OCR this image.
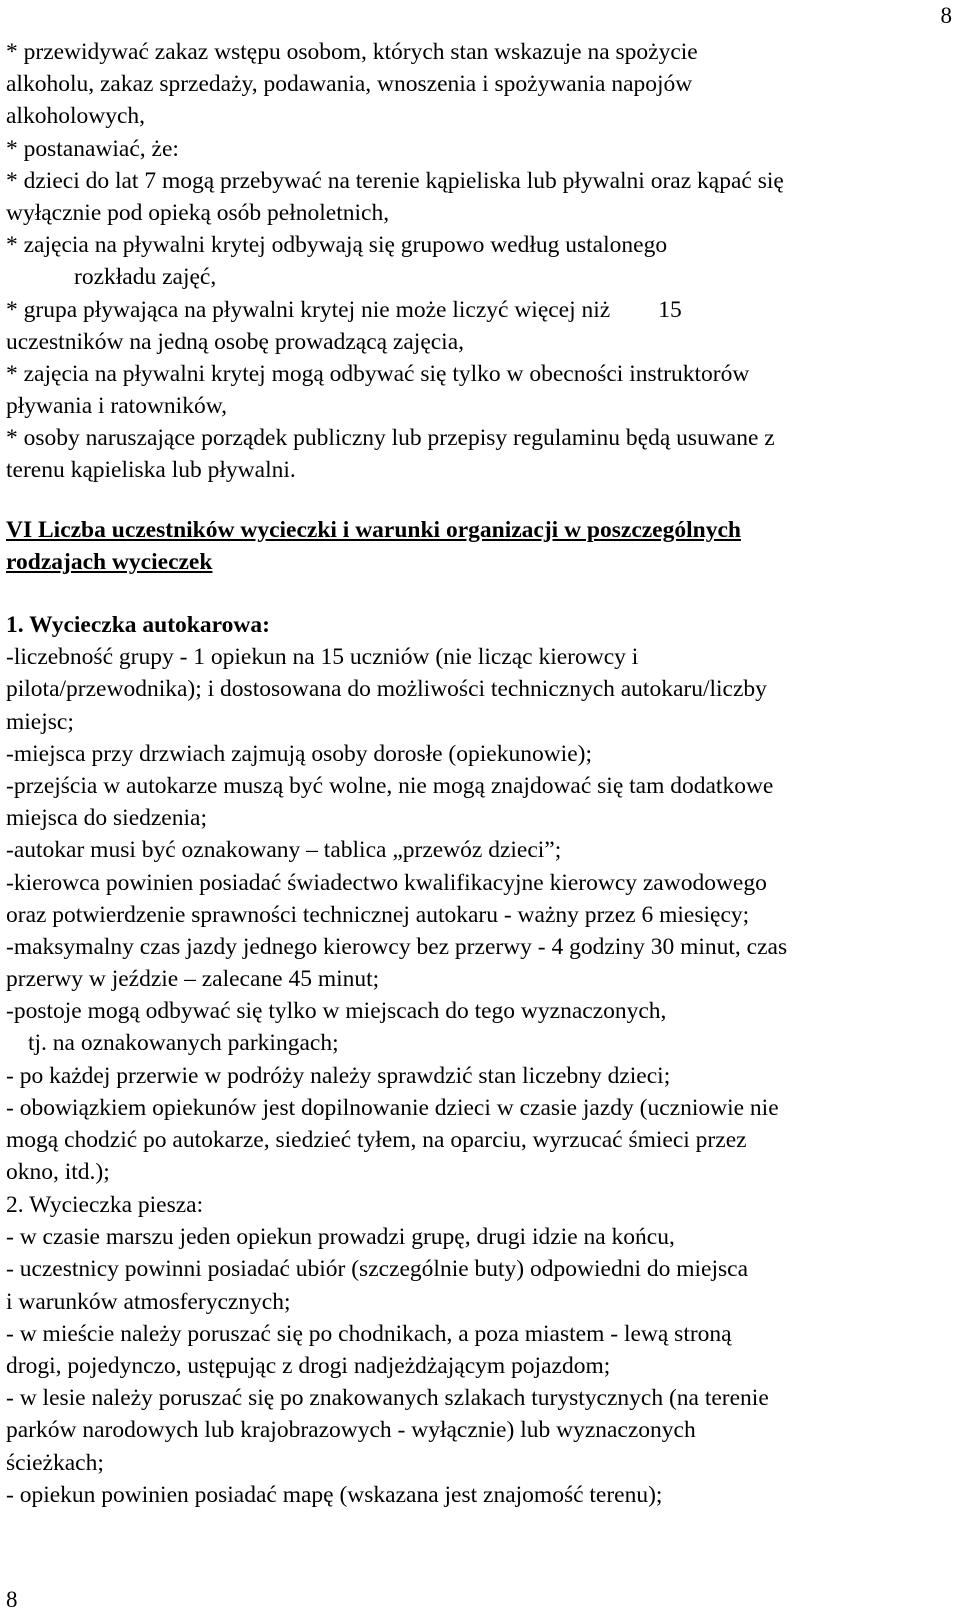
8
* przewidywać zakaz wstępu osobom, których stan wskazuje na spożycie
alkoholu, zakaz sprzedaży, podawania, wnoszenia i spożywania napojów
alkoholowych,
* postanawiać, że:
* dzieci do lat 7 mogą przebywać na terenie kąpieliska lub pływalni oraz kąpać się
wyłącznie pod opieką osób pełnoletnich,
* zajęcia na pływalni krytej odbywają się grupowo według ustalonego
rozkładu zajęć,
* grupa pływająca na pływalni krytej nie może liczyć więcej niż 15
uczestników na jedną osobę prowadzącą zajęcia,
* zajęcia na pływalni krytej mogą odbywać się tylko w obecności instruktorów
pływania i ratowników,
* osoby naruszające porządek publiczny lub przepisy regulaminu będą usuwane z
terenu kąpieliska lub pływalni.
VI Liczba uczestników wycieczki i warunki organizacji w poszczególnych
rodzajach wycieczek
1. Wycieczka autokarowa:
-liczebność grupy - 1 opiekun na 15 uczniów (nie licząc kierowcy i
pilota/przewodnika); i dostosowana do możliwości technicznych autokaru/liczby
miejsc;
-miejsca przy drzwiach zajmują osoby dorosłe (opiekunowie);
-przejścia w autokarze muszą być wolne, nie mogą znajdować się tam dodatkowe
miejsca do siedzenia;
-autokar musi być oznakowany – tablica „przewóz dzieci”;
-kierowca powinien posiadać świadectwo kwalifikacyjne kierowcy zawodowego
oraz potwierdzenie sprawności technicznej autokaru - ważny przez 6 miesięcy;
-maksymalny czas jazdy jednego kierowcy bez przerwy - 4 godziny 30 minut, czas
przerwy w jeździe – zalecane 45 minut;
-postoje mogą odbywać się tylko w miejscach do tego wyznaczonych,
tj. na oznakowanych parkingach;
- po każdej przerwie w podróży należy sprawdzić stan liczebny dzieci;
- obowiązkiem opiekunów jest dopilnowanie dzieci w czasie jazdy (uczniowie nie
mogą chodzić po autokarze, siedzieć tyłem, na oparciu, wyrzucać śmieci przez
okno, itd.);
2. Wycieczka piesza:
- w czasie marszu jeden opiekun prowadzi grupę, drugi idzie na końcu,
- uczestnicy powinni posiadać ubiór (szczególnie buty) odpowiedni do miejsca
i warunków atmosferycznych;
- w mieście należy poruszać się po chodnikach, a poza miastem - lewą stroną
drogi, pojedynczo, ustępując z drogi nadjeżdżającym pojazdom;
- w lesie należy poruszać się po znakowanych szlakach turystycznych (na terenie
parków narodowych lub krajobrazowych - wyłącznie) lub wyznaczonych
ścieżkach;
- opiekun powinien posiadać mapę (wskazana jest znajomość terenu);
8
